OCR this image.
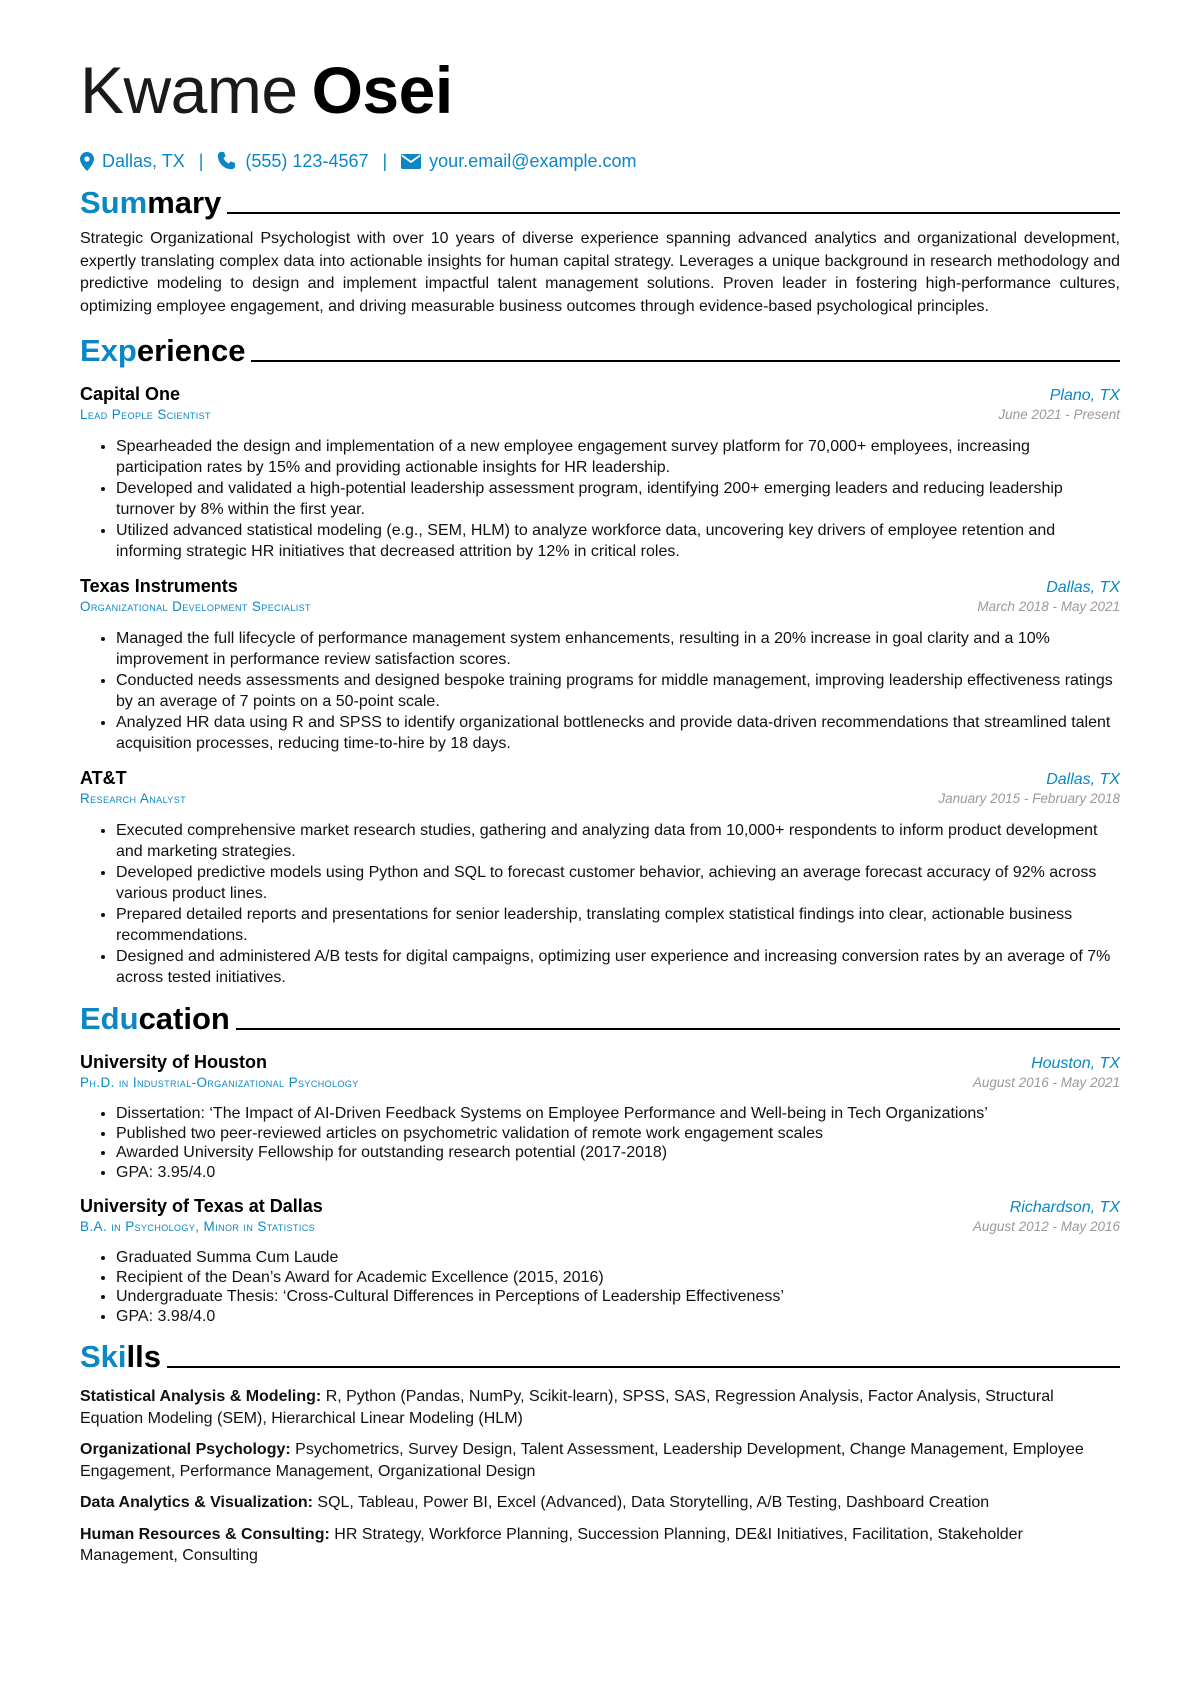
Kwame Osei
Dallas, TX | (555) 123-4567 | your.email@example.com
Summary

Strategic Organizational Psychologist with over 10 years of diverse experience spanning advanced analytics and organizational development, expertly translating complex data into actionable insights for human capital strategy. Leverages a unique background in research methodology and predictive modeling to design and implement impactful talent management solutions. Proven leader in fostering high-performance cultures, optimizing employee engagement, and driving measurable business outcomes through evidence-based psychological principles.

Experience
Capital One	Plano, TX
Lead People Scientist	June 2021 - Present
• Spearheaded the design and implementation of a new employee engagement survey platform for 70,000+ employees, increasing participation rates by 15% and providing actionable insights for HR leadership.
• Developed and validated a high-potential leadership assessment program, identifying 200+ emerging leaders and reducing leadership turnover by 8% within the first year.
• Utilized advanced statistical modeling (e.g., SEM, HLM) to analyze workforce data, uncovering key drivers of employee retention and informing strategic HR initiatives that decreased attrition by 12% in critical roles.
Texas Instruments	Dallas, TX
Organizational Development Specialist	March 2018 - May 2021
• Managed the full lifecycle of performance management system enhancements, resulting in a 20% increase in goal clarity and a 10% improvement in performance review satisfaction scores.
• Conducted needs assessments and designed bespoke training programs for middle management, improving leadership effectiveness ratings by an average of 7 points on a 50-point scale.
• Analyzed HR data using R and SPSS to identify organizational bottlenecks and provide data-driven recommendations that streamlined talent acquisition processes, reducing time-to-hire by 18 days.
AT&T	Dallas, TX
Research Analyst	January 2015 - February 2018
• Executed comprehensive market research studies, gathering and analyzing data from 10,000+ respondents to inform product development and marketing strategies.
• Developed predictive models using Python and SQL to forecast customer behavior, achieving an average forecast accuracy of 92% across various product lines.
• Prepared detailed reports and presentations for senior leadership, translating complex statistical findings into clear, actionable business recommendations.
• Designed and administered A/B tests for digital campaigns, optimizing user experience and increasing conversion rates by an average of 7% across tested initiatives.
Education
University of Houston	Houston, TX
Ph.D. in Industrial-Organizational Psychology	August 2016 - May 2021
• Dissertation: ‘The Impact of AI-Driven Feedback Systems on Employee Performance and Well-being in Tech Organizations’
• Published two peer-reviewed articles on psychometric validation of remote work engagement scales
• Awarded University Fellowship for outstanding research potential (2017-2018)
• GPA: 3.95/4.0
University of Texas at Dallas	Richardson, TX
B.A. in Psychology, Minor in Statistics	August 2012 - May 2016
• Graduated Summa Cum Laude
• Recipient of the Dean’s Award for Academic Excellence (2015, 2016)
• Undergraduate Thesis: ‘Cross-Cultural Differences in Perceptions of Leadership Effectiveness’
• GPA: 3.98/4.0
Skills
Statistical Analysis & Modeling: R, Python (Pandas, NumPy, Scikit-learn), SPSS, SAS, Regression Analysis, Factor Analysis, Structural Equation Modeling (SEM), Hierarchical Linear Modeling (HLM)
Organizational Psychology: Psychometrics, Survey Design, Talent Assessment, Leadership Development, Change Management, Employee Engagement, Performance Management, Organizational Design
Data Analytics & Visualization: SQL, Tableau, Power BI, Excel (Advanced), Data Storytelling, A/B Testing, Dashboard Creation
Human Resources & Consulting: HR Strategy, Workforce Planning, Succession Planning, DE&I Initiatives, Facilitation, Stakeholder Management, Consulting
